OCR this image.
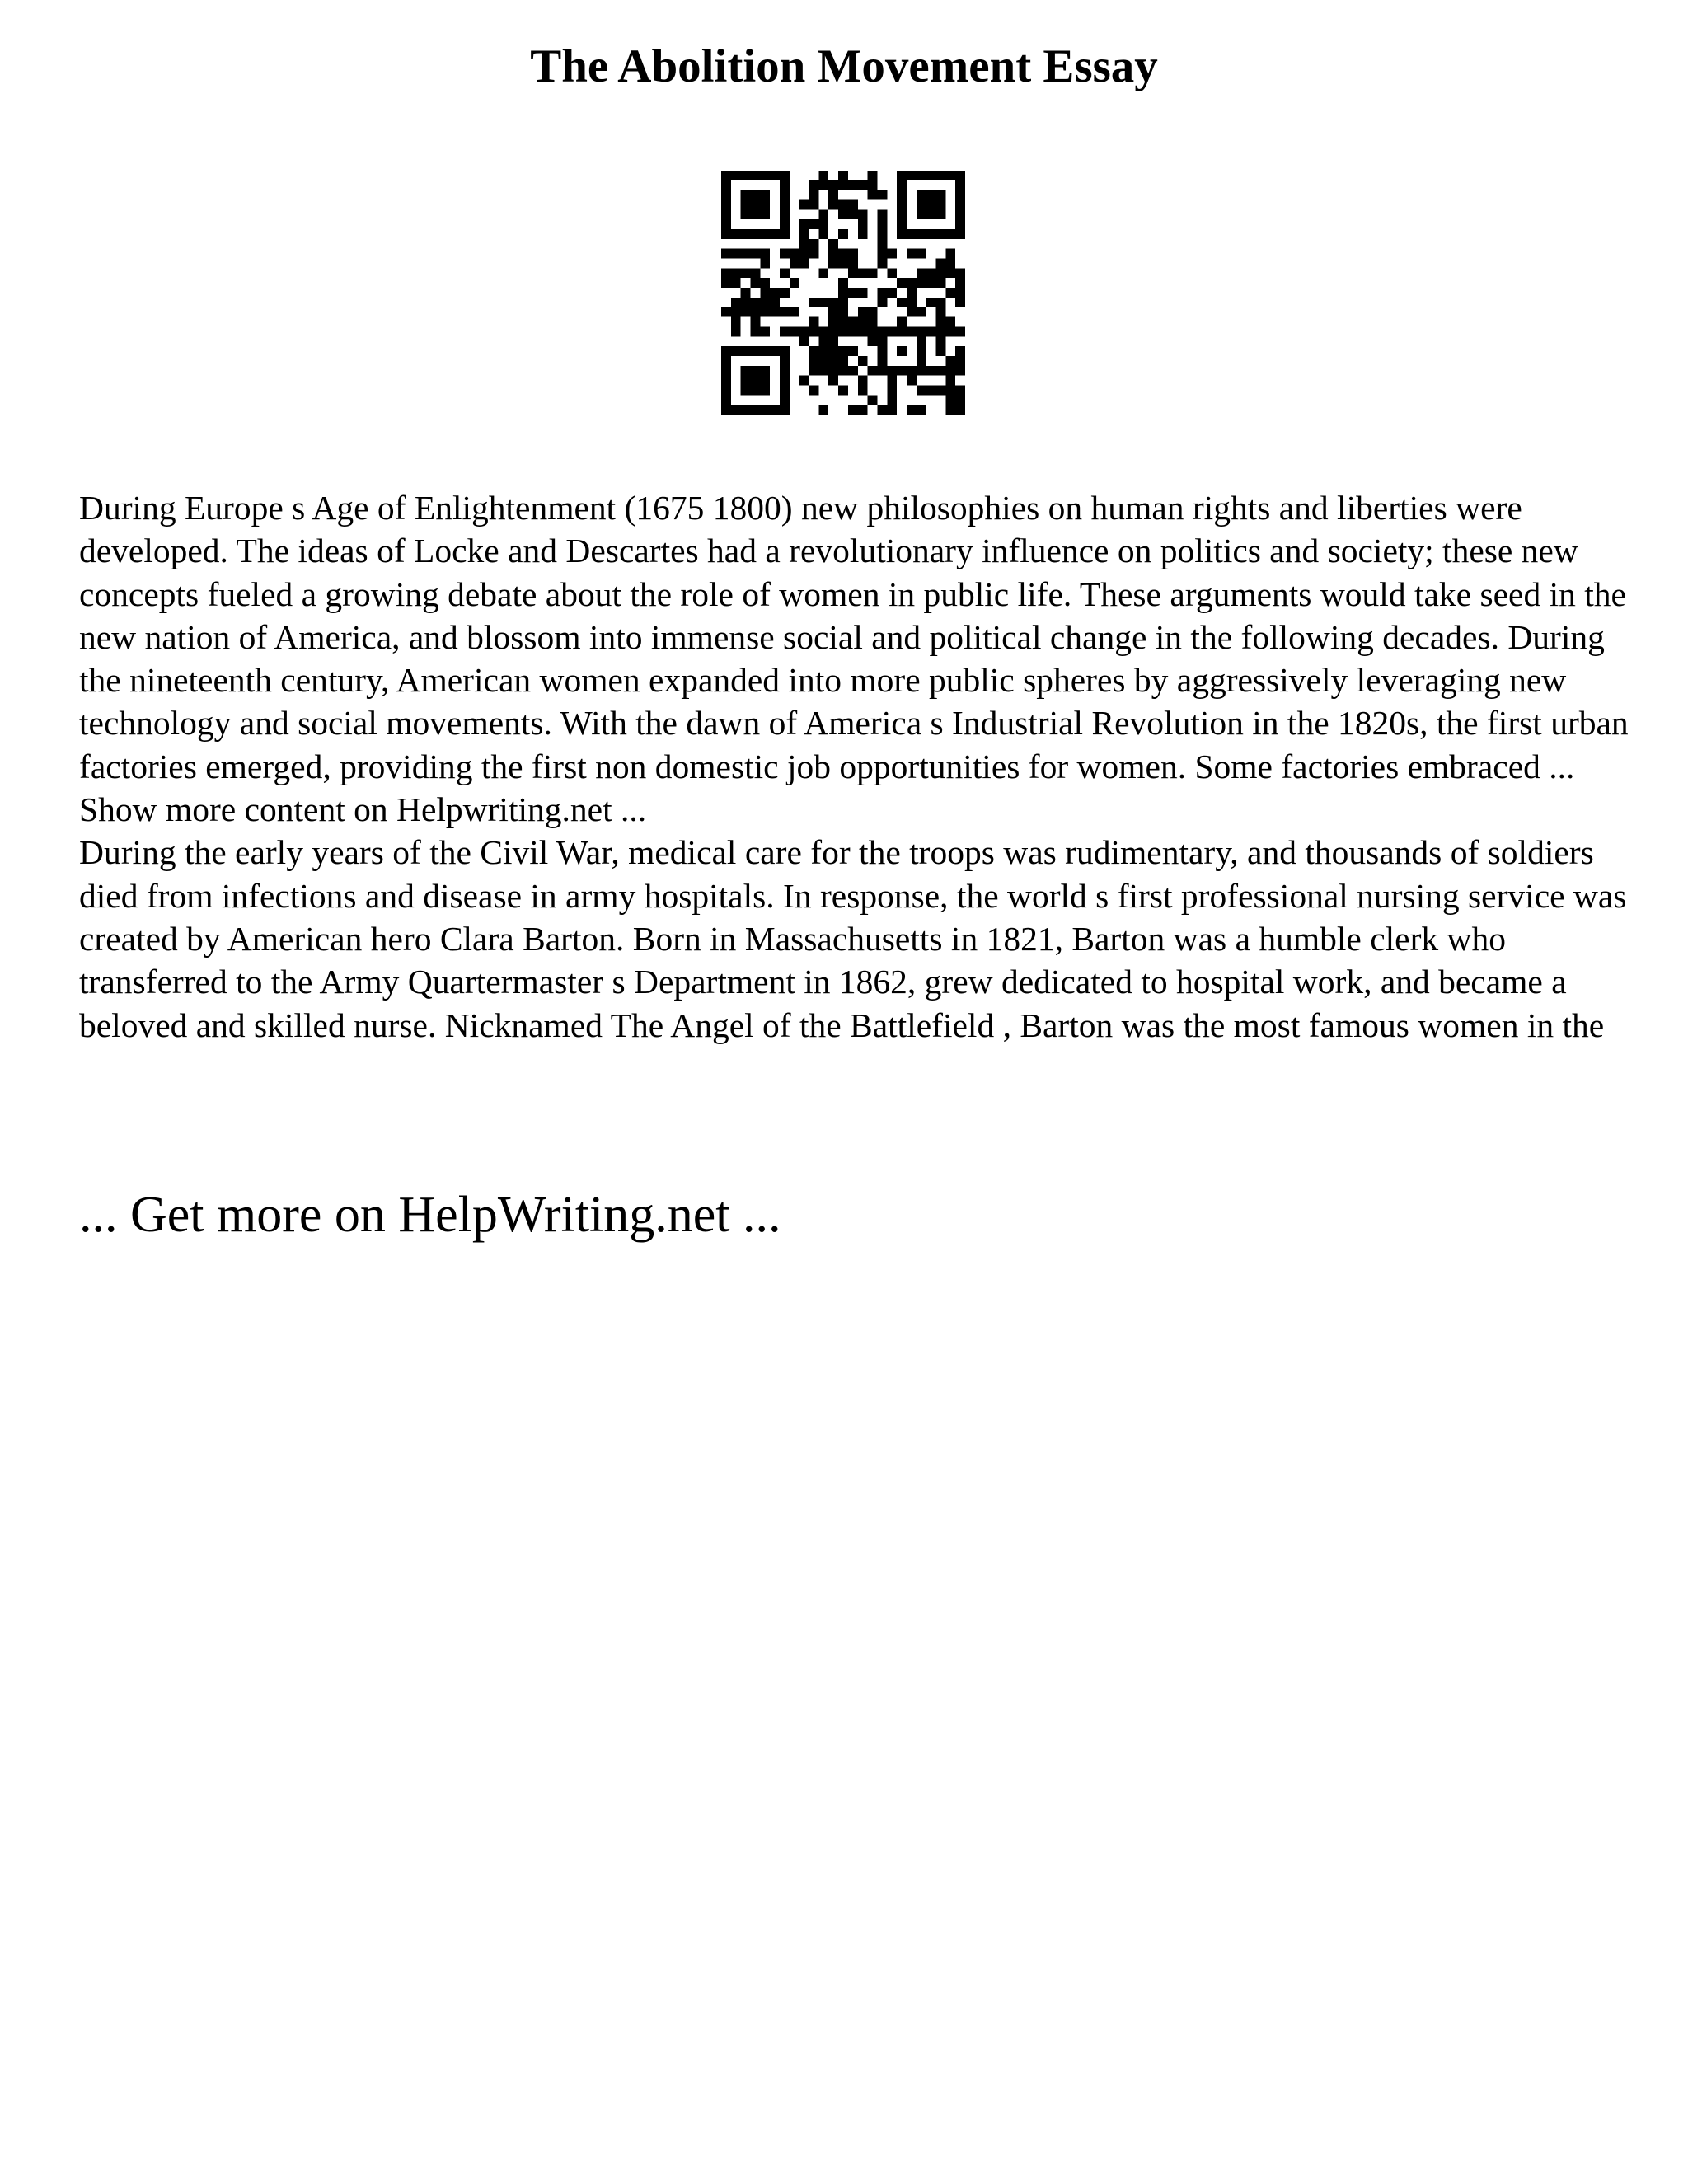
The Abolition Movement Essay

During Europe s Age of Enlightenment (1675 1800) new philosophies on human rights and liberties were developed. The ideas of Locke and Descartes had a revolutionary influence on politics and society; these new concepts fueled a growing debate about the role of women in public life. These arguments would take seed in the new nation of America, and blossom into immense social and political change in the following decades. During the nineteenth century, American women expanded into more public spheres by aggressively leveraging new technology and social movements. With the dawn of America s Industrial Revolution in the 1820s, the first urban factories emerged, providing the first non domestic job opportunities for women. Some factories embraced ... Show more content on Helpwriting.net ...

During the early years of the Civil War, medical care for the troops was rudimentary, and thousands of soldiers died from infections and disease in army hospitals. In response, the world s first professional nursing service was created by American hero Clara Barton. Born in Massachusetts in 1821, Barton was a humble clerk who transferred to the Army Quartermaster s Department in 1862, grew dedicated to hospital work, and became a beloved and skilled nurse. Nicknamed The Angel of the Battlefield , Barton was the most famous women in the

... Get more on HelpWriting.net ...
